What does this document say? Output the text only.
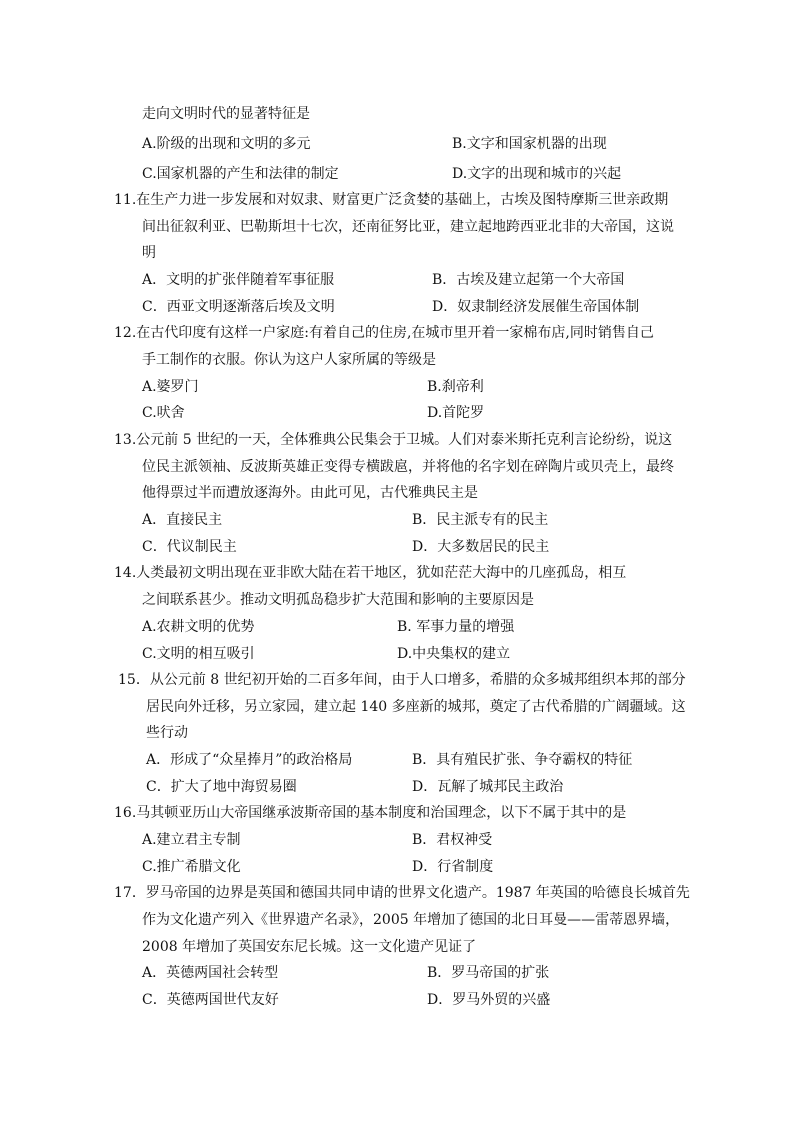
走向文明时代的显著特征是
A.阶级的出现和文明的多元	B.文字和国家机器的出现
C.国家机器的产生和法律的制定	D.文字的出现和城市的兴起
11.在生产力进一步发展和对奴隶、财富更广泛贪婪的基础上，古埃及图特摩斯三世亲政期
间出征叙利亚、巴勒斯坦十七次，还南征努比亚，建立起地跨西亚北非的大帝国，这说
明
A．文明的扩张伴随着军事征服	B．古埃及建立起第一个大帝国
C．西亚文明逐渐落后埃及文明	D．奴隶制经济发展催生帝国体制
12.在古代印度有这样一户家庭:有着自己的住房,在城市里开着一家棉布店,同时销售自己
手工制作的衣服。你认为这户人家所属的等级是
A.婆罗门	B.刹帝利
C.吠舍	D.首陀罗
13.公元前 5 世纪的一天，全体雅典公民集会于卫城。人们对泰米斯托克利言论纷纷，说这
位民主派领袖、反波斯英雄正变得专横跋扈，并将他的名字划在碎陶片或贝壳上，最终
他得票过半而遭放逐海外。由此可见，古代雅典民主是
A．直接民主	B．民主派专有的民主
C．代议制民主	D．大多数居民的民主
14.人类最初文明出现在亚非欧大陆在若干地区，犹如茫茫大海中的几座孤岛，相互
之间联系甚少。推动文明孤岛稳步扩大范围和影响的主要原因是
A.农耕文明的优势	B. 军事力量的增强
C.文明的相互吸引	D.中央集权的建立
15．从公元前 8 世纪初开始的二百多年间，由于人口增多，希腊的众多城邦组织本邦的部分
居民向外迁移，另立家园，建立起 140 多座新的城邦，奠定了古代希腊的广阔疆域。这
些行动
A．形成了“众星捧月”的政治格局	B．具有殖民扩张、争夺霸权的特征
C．扩大了地中海贸易圈	D．瓦解了城邦民主政治
16.马其顿亚历山大帝国继承波斯帝国的基本制度和治国理念，以下不属于其中的是
A.建立君主专制	B．君权神受
C.推广希腊文化	D．行省制度
17．罗马帝国的边界是英国和德国共同申请的世界文化遗产。1987 年英国的哈德良长城首先
作为文化遗产列入《世界遗产名录》，2005 年增加了德国的北日耳曼——雷蒂恩界墙，
2008 年增加了英国安东尼长城。这一文化遗产见证了
A．英德两国社会转型	B．罗马帝国的扩张
C．英德两国世代友好	D．罗马外贸的兴盛
